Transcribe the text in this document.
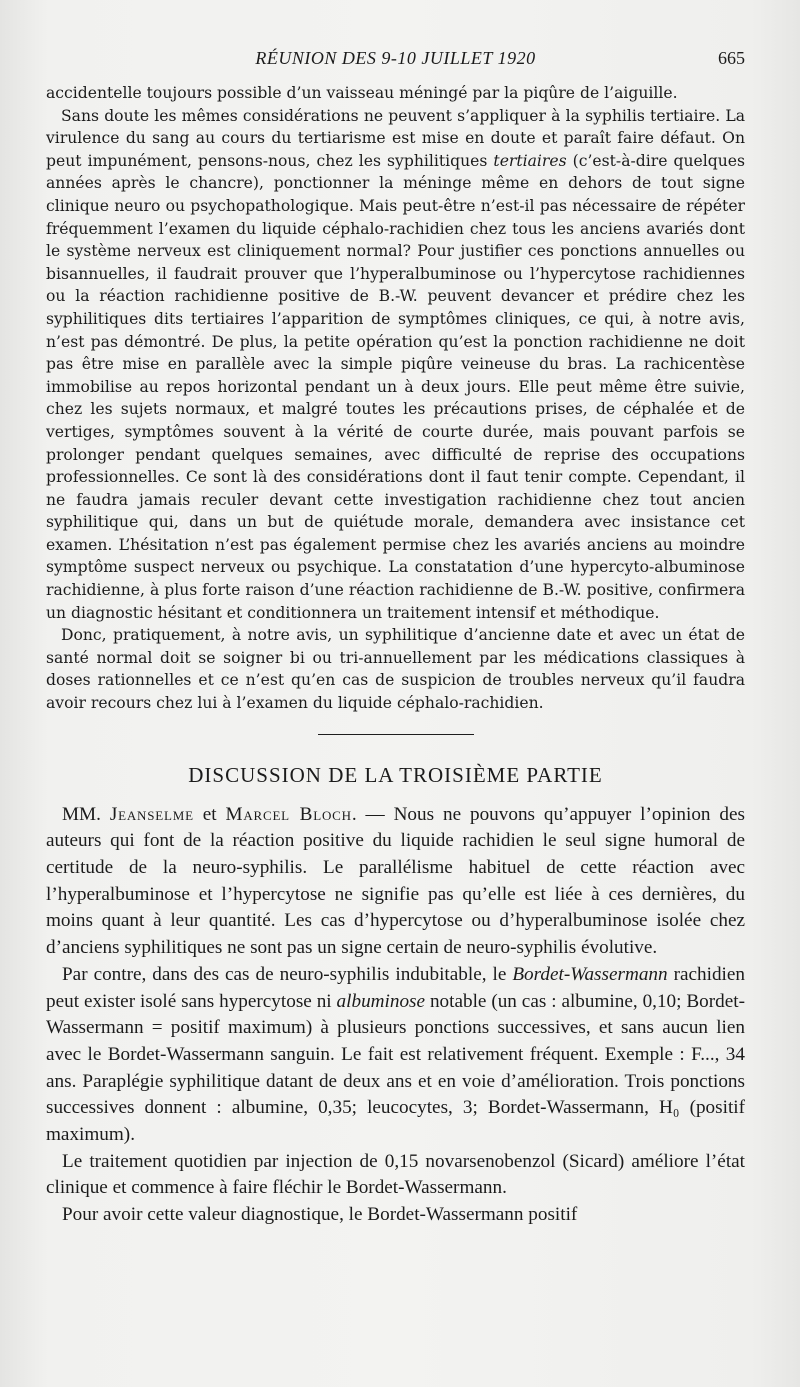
RÉUNION DES 9-10 JUILLET 1920	665

accidentelle toujours possible d’un vaisseau méningé par la piqûre de l’aiguille.

Sans doute les mêmes considérations ne peuvent s’appliquer à la syphilis tertiaire. La virulence du sang au cours du tertiarisme est mise en doute et paraît faire défaut. On peut impunément, pensons-nous, chez les syphilitiques tertiaires (c’est-à-dire quelques années après le chancre), ponctionner la méninge même en dehors de tout signe clinique neuro ou psychopathologique. Mais peut-être n’est-il pas nécessaire de répéter fréquemment l’examen du liquide céphalo-rachidien chez tous les anciens avariés dont le système nerveux est cliniquement normal? Pour justifier ces ponctions annuelles ou bisannuelles, il faudrait prouver que l’hyperalbuminose ou l’hypercytose rachidiennes ou la réaction rachidienne positive de B.-W. peuvent devancer et prédire chez les syphilitiques dits tertiaires l’apparition de symptômes cliniques, ce qui, à notre avis, n’est pas démontré. De plus, la petite opération qu’est la ponction rachidienne ne doit pas être mise en parallèle avec la simple piqûre veineuse du bras. La rachicentèse immobilise au repos horizontal pendant un à deux jours. Elle peut même être suivie, chez les sujets normaux, et malgré toutes les précautions prises, de céphalée et de vertiges, symptômes souvent à la vérité de courte durée, mais pouvant parfois se prolonger pendant quelques semaines, avec difficulté de reprise des occupations professionnelles. Ce sont là des considérations dont il faut tenir compte. Cependant, il ne faudra jamais reculer devant cette investigation rachidienne chez tout ancien syphilitique qui, dans un but de quiétude morale, demandera avec insistance cet examen. L’hésitation n’est pas également permise chez les avariés anciens au moindre symptôme suspect nerveux ou psychique. La constatation d’une hypercyto-albuminose rachidienne, à plus forte raison d’une réaction rachidienne de B.-W. positive, confirmera un diagnostic hésitant et conditionnera un traitement intensif et méthodique.

Donc, pratiquement, à notre avis, un syphilitique d’ancienne date et avec un état de santé normal doit se soigner bi ou tri-annuellement par les médications classiques à doses rationnelles et ce n’est qu’en cas de suspicion de troubles nerveux qu’il faudra avoir recours chez lui à l’examen du liquide céphalo-rachidien.

DISCUSSION DE LA TROISIÈME PARTIE

MM. Jeanselme et Marcel Bloch. — Nous ne pouvons qu’appuyer l’opinion des auteurs qui font de la réaction positive du liquide rachidien le seul signe humoral de certitude de la neuro-syphilis. Le parallélisme habituel de cette réaction avec l’hyperalbuminose et l’hypercytose ne signifie pas qu’elle est liée à ces dernières, du moins quant à leur quantité. Les cas d’hypercytose ou d’hyperalbuminose isolée chez d’anciens syphilitiques ne sont pas un signe certain de neuro-syphilis évolutive.

Par contre, dans des cas de neuro-syphilis indubitable, le Bordet-Wassermann rachidien peut exister isolé sans hypercytose ni albuminose notable (un cas : albumine, 0,10; Bordet-Wassermann = positif maximum) à plusieurs ponctions successives, et sans aucun lien avec le Bordet-Wassermann sanguin. Le fait est relativement fréquent. Exemple : F..., 34 ans. Paraplégie syphilitique datant de deux ans et en voie d’amélioration. Trois ponctions successives donnent : albumine, 0,35; leucocytes, 3; Bordet-Wassermann, H₀ (positif maximum).

Le traitement quotidien par injection de 0,15 novarsenobenzol (Sicard) améliore l’état clinique et commence à faire fléchir le Bordet-Wassermann.

Pour avoir cette valeur diagnostique, le Bordet-Wassermann positif
